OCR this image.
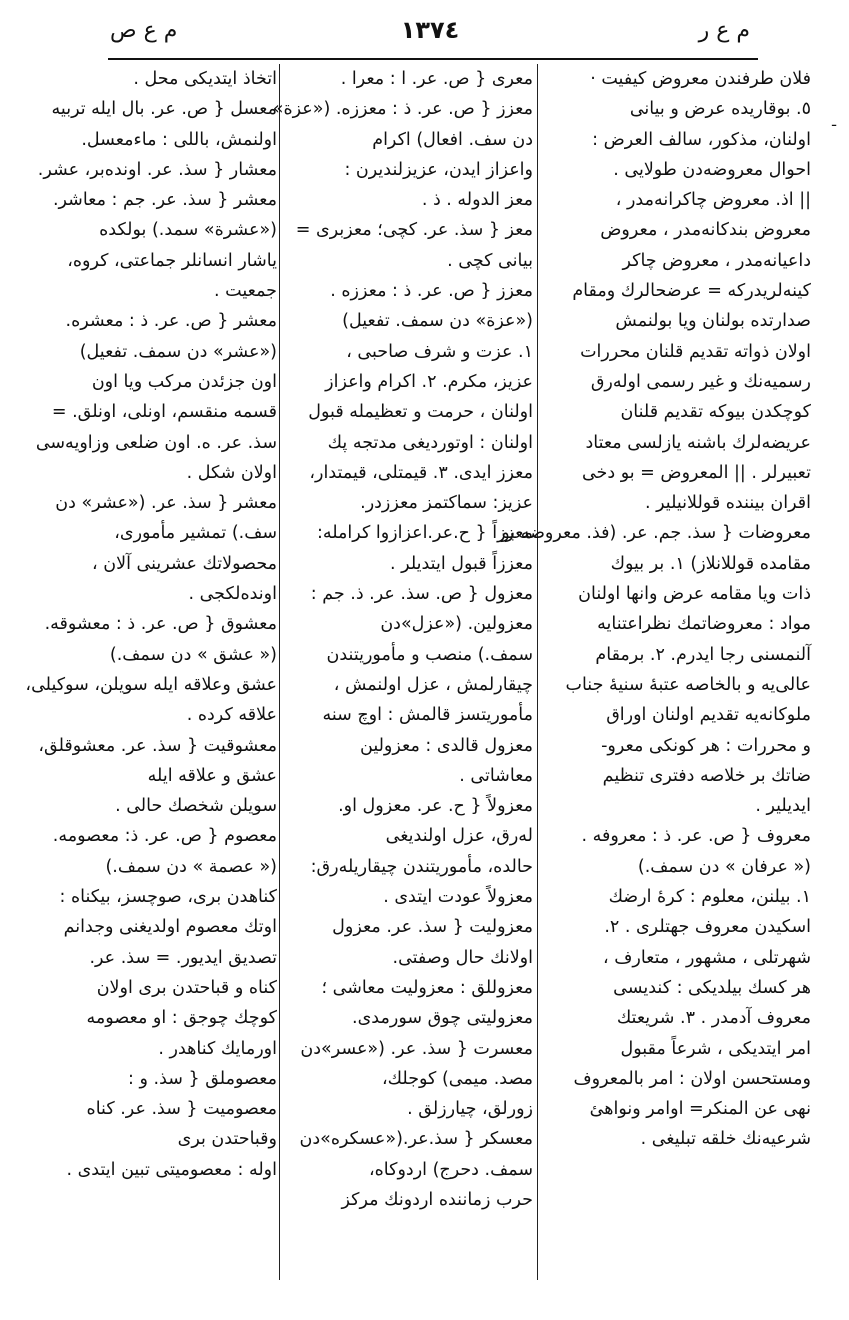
م ع ر
١٣٧٤
م ع ص
ـ
فلان طرفندن معروض كيفيت ·
٥. بوقاريده عرض و بيانى
اولنان، مذكور، سالف العرض :
احوال معروضه‌دن طولايى .
|| اذ. معروض چاكرانه‌مدر ،
معروض بندكانه‌مدر ، معروض
داعيانه‌مدر ، معروض چاكر
كينه‌لريدركه = عرضحالرك ومقام
صدارتده بولنان ويا بولنمش
اولان ذواته تقديم قلنان محررات
رسميه‌نك و غير رسمى اوله‌رق
كوچكدن بيوكه تقديم قلنان
عريضه‌لرك باشنه يازلسى معتاد
تعبيرلر . || المعروض = بو دخى
اقران بيننده قوللانيلير .
معروضات { سذ. جم. عر. (فذ. معروضه بو
مقامده قوللانلاز) ١. بر بيوك
ذات ويا مقامه عرض وانها اولنان
مواد : معروضاتمك نظراعتنايه
آلنمسنى رجا ايدرم. ٢. برمقام
عالى‌يه و بالخاصه عتبهٔ سنيهٔ جناب
ملوكانه‌يه تقديم اولنان اوراق
و محررات : هر كونكى معرو-
ضاتك بر خلاصه دفترى تنظيم
ايديلير .
معروف { ص. عر. ذ : معروفه .
(« عرفان » دن سمف.)
١. بيلنن، معلوم : كرهٔ ارضك
اسكيدن معروف جهتلرى . ٢.
شهرتلى ، مشهور ، متعارف ،
هر كسك بيلديكى : كنديسى
معروف آدمدر . ٣. شريعتك
امر ايتديكى ، شرعاً مقبول
ومستحسن اولان : امر بالمعروف
نهى عن المنكر= اوامر ونواهئ
شرعيه‌نك خلقه تبليغى .
معرى { ص. عر. ا : معرا .
معزز { ص. عر. ذ : معززه. («عزة»
دن سف. افعال) اكرام
واعزاز ايدن، عزيزلنديرن :
معز الدوله . ذ .
معز { سذ. عر. كچى؛ معزبرى =
بيانى كچى .
معزز { ص. عر. ذ : معززه .
(«عزة» دن سمف. تفعيل)
١. عزت و شرف صاحبى ،
عزيز، مكرم. ٢. اكرام واعزاز
اولنان ، حرمت و تعظيمله قبول
اولنان : اوتورديغى مدتجه پك
معزز ايدى. ٣. قيمتلى، قيمتدار،
عزيز: سماكتمز معززدر.
معززاً { ح.عر.اعزازوا كرامله:
معززاً قبول ايتديلر .
معزول { ص. سذ. عر. ذ. جم :
معزولين. («عزل»دن
سمف.) منصب و مأموريتندن
چيقارلمش ، عزل اولنمش ،
مأموريتسز قالمش : اوچ سنه
معزول قالدى : معزولين
معاشاتى .
معزولاً { ح. عر. معزول او.
له‌رق، عزل اولنديغى
حالده، مأموريتندن چيقاريله‌رق:
معزولاً عودت ايتدى .
معزوليت { سذ. عر. معزول
اولانك حال وصفتى.
معزوللق : معزوليت معاشى ؛
معزوليتى چوق سورمدى.
معسرت { سذ. عر. («عسر»دن
مصد. ميمى) كوجلك،
زورلق، چيارزلق .
معسكر { سذ.عر.(«عسكره»دن
سمف. دحرج) اردوكاه،
حرب زماننده اردونك مركز
اتخاذ ايتديكى محل .
معسل { ص. عر. بال ايله تربيه
اولنمش، باللى : ماءمعسل.
معشار { سذ. عر. اونده‌بر، عشر.
معشر { سذ. عر. جم : معاشر.
(«عشرة» سمد.) بولكده
ياشار انسانلر جماعتى، كروه،
جمعيت .
معشر { ص. عر. ذ : معشره.
(«عشر» دن سمف. تفعيل)
اون جزئدن مركب ويا اون
قسمه منقسم، اونلى، اونلق. =
سذ. عر. ه. اون ضلعى وزاويه‌سى
اولان شكل .
معشر { سذ. عر. («عشر» دن
سف.) تمشير مأمورى،
محصولاتك عشرينى آلان ،
اونده‌لكجى .
معشوق { ص. عر. ذ : معشوقه.
(« عشق » دن سمف.)
عشق وعلاقه ايله سويلن، سوكيلى،
علاقه كرده .
معشوقيت { سذ. عر. معشوقلق،
عشق و علاقه ايله
سويلن شخصك حالى .
معصوم { ص. عر. ذ: معصومه.
(« عصمة » دن سمف.)
كناهدن برى، صوچسز، بيكناه :
اوتك معصوم اولديغنى وجدانم
تصديق ايديور. = سذ. عر.
كناه و قباحتدن برى اولان
كوچك چوجق : او معصومه
اورمايك كناهدر .
معصوملق { سذ. و :
معصوميت { سذ. عر. كناه
وقباحتدن برى
اوله : معصوميتى تبين ايتدى .
